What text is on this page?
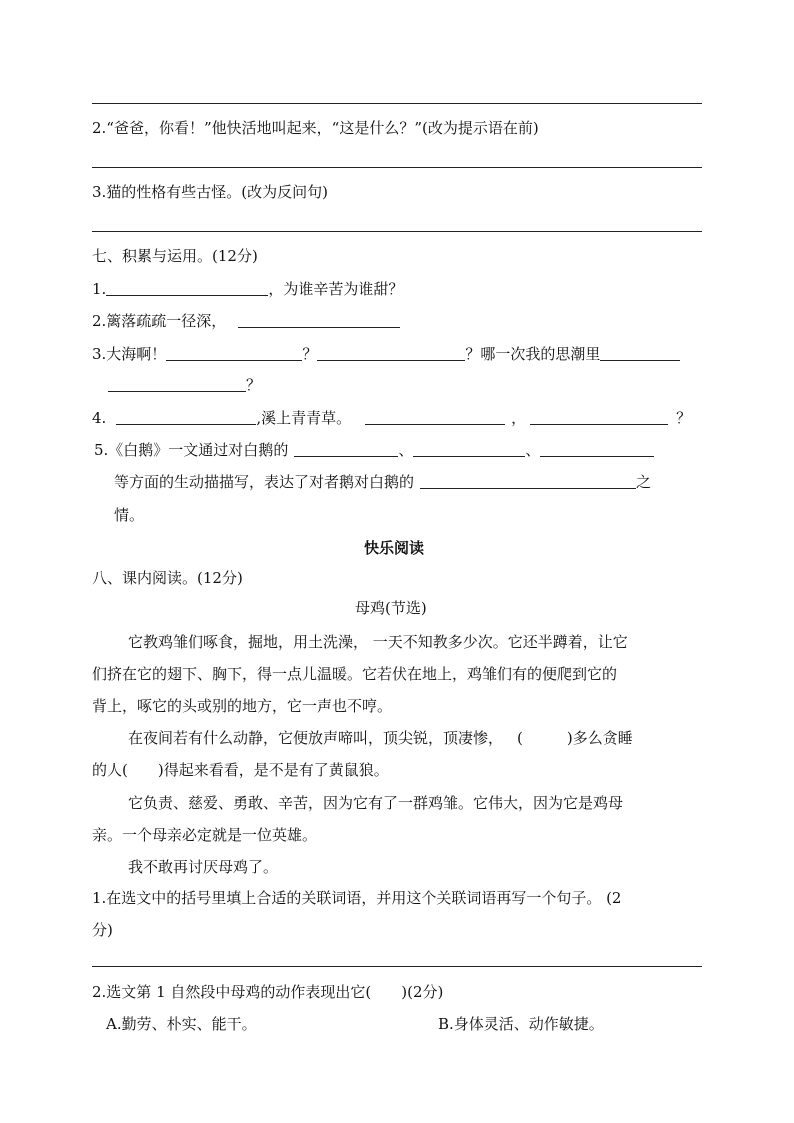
2.“爸爸，你看！”他快活地叫起来，“这是什么？”(改为提示语在前)
3.猫的性格有些古怪。(改为反问句)
七、积累与运用。(12分)
1.	，为谁辛苦为谁甜？
2.篱落疏疏一径深，
3.大海啊！	？	？哪一次我的思潮里
？
4.	,溪上青青草。	，	？
5.《白鹅》一文通过对白鹅的	、	、
等方面的生动描描写，表达了对者鹅对白鹅的	之
情。
快乐阅读
八、课内阅读。(12分)
母鸡(节选)
它教鸡雏们啄食，掘地，用土洗澡， 一天不知教多少次。它还半蹲着，让它
们挤在它的翅下、胸下，得一点儿温暖。它若伏在地上，鸡雏们有的便爬到它的
背上，啄它的头或别的地方，它一声也不哼。
在夜间若有什么动静，它便放声啼叫，顶尖锐，顶凄惨， (	)多么贪睡
的人( )得起来看看，是不是有了黄鼠狼。
它负责、慈爱、勇敢、辛苦，因为它有了一群鸡雏。它伟大，因为它是鸡母
亲。一个母亲必定就是一位英雄。
我不敢再讨厌母鸡了。
1.在选文中的括号里填上合适的关联词语，并用这个关联词语再写一个句子。 (2
分)
2.选文第 1 自然段中母鸡的动作表现出它( )(2分)
A.勤劳、朴实、能干。	B.身体灵活、动作敏捷。
